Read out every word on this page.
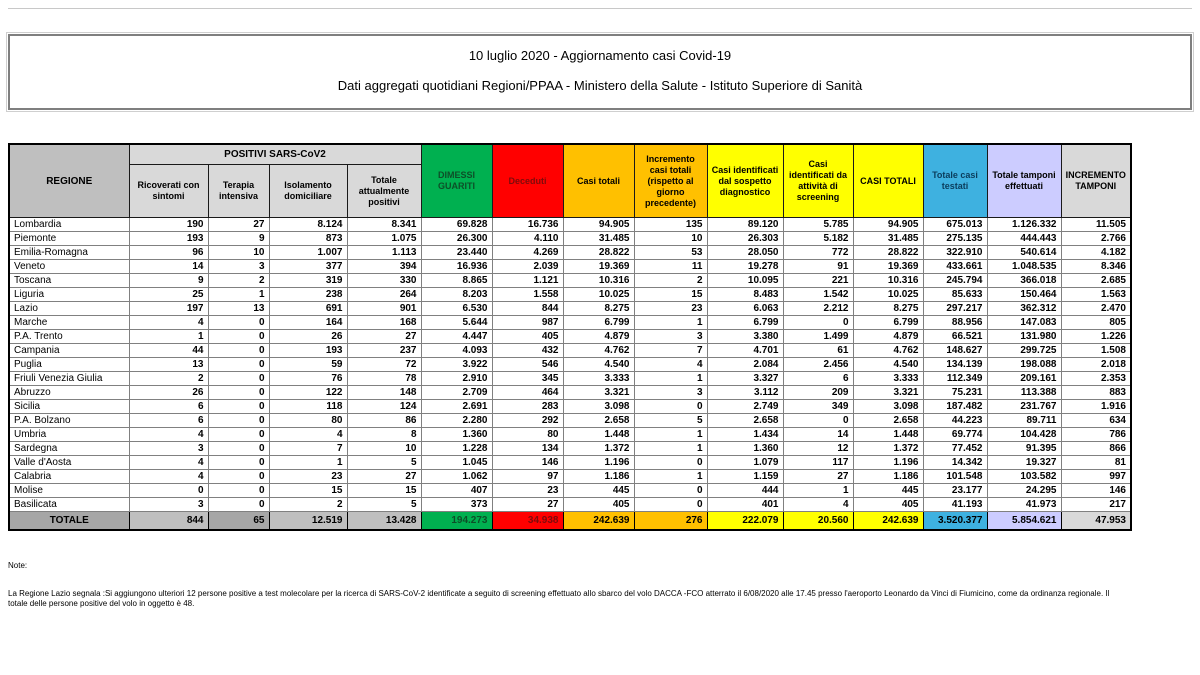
10 luglio 2020 - Aggiornamento casi Covid-19
Dati aggregati quotidiani Regioni/PPAA - Ministero della Salute - Istituto Superiore di Sanità
REGIONE	POSITIVI SARS-CoV2				DIMESSI GUARITI	Deceduti	Casi totali	Incremento casi totali (rispetto al giorno precedente)	Casi identificati dal sospetto diagnostico	Casi identificati da attività di screening	CASI TOTALI	Totale casi testati	Totale tamponi effettuati	INCREMENTO TAMPONI
	Ricoverati con sintomi	Terapia intensiva	Isolamento domiciliare	Totale attualmente positivi										
Lombardia	190	27	8.124	8.341	69.828	16.736	94.905	135	89.120	5.785	94.905	675.013	1.126.332	11.505
Piemonte	193	9	873	1.075	26.300	4.110	31.485	10	26.303	5.182	31.485	275.135	444.443	2.766
Emilia-Romagna	96	10	1.007	1.113	23.440	4.269	28.822	53	28.050	772	28.822	322.910	540.614	4.182
Veneto	14	3	377	394	16.936	2.039	19.369	11	19.278	91	19.369	433.661	1.048.535	8.346
Toscana	9	2	319	330	8.865	1.121	10.316	2	10.095	221	10.316	245.794	366.018	2.685
Liguria	25	1	238	264	8.203	1.558	10.025	15	8.483	1.542	10.025	85.633	150.464	1.563
Lazio	197	13	691	901	6.530	844	8.275	23	6.063	2.212	8.275	297.217	362.312	2.470
Marche	4	0	164	168	5.644	987	6.799	1	6.799	0	6.799	88.956	147.083	805
P.A. Trento	1	0	26	27	4.447	405	4.879	3	3.380	1.499	4.879	66.521	131.980	1.226
Campania	44	0	193	237	4.093	432	4.762	7	4.701	61	4.762	148.627	299.725	1.508
Puglia	13	0	59	72	3.922	546	4.540	4	2.084	2.456	4.540	134.139	198.088	2.018
Friuli Venezia Giulia	2	0	76	78	2.910	345	3.333	1	3.327	6	3.333	112.349	209.161	2.353
Abruzzo	26	0	122	148	2.709	464	3.321	3	3.112	209	3.321	75.231	113.388	883
Sicilia	6	0	118	124	2.691	283	3.098	0	2.749	349	3.098	187.482	231.767	1.916
P.A. Bolzano	6	0	80	86	2.280	292	2.658	5	2.658	0	2.658	44.223	89.711	634
Umbria	4	0	4	8	1.360	80	1.448	1	1.434	14	1.448	69.774	104.428	786
Sardegna	3	0	7	10	1.228	134	1.372	1	1.360	12	1.372	77.452	91.395	866
Valle d'Aosta	4	0	1	5	1.045	146	1.196	0	1.079	117	1.196	14.342	19.327	81
Calabria	4	0	23	27	1.062	97	1.186	1	1.159	27	1.186	101.548	103.582	997
Molise	0	0	15	15	407	23	445	0	444	1	445	23.177	24.295	146
Basilicata	3	0	2	5	373	27	405	0	401	4	405	41.193	41.973	217
TOTALE	844	65	12.519	13.428	194.273	34.938	242.639	276	222.079	20.560	242.639	3.520.377	5.854.621	47.953
Note:
La Regione Lazio segnala :Si aggiungono ulteriori 12 persone positive a test molecolare per la ricerca di SARS-CoV-2 identificate a seguito di screening effettuato allo sbarco del volo DACCA -FCO atterrato il 6/08/2020 alle 17.45 presso l'aeroporto Leonardo da Vinci di Fiumicino, come da ordinanza regionale. Il totale delle persone positive del volo in oggetto è 48.
